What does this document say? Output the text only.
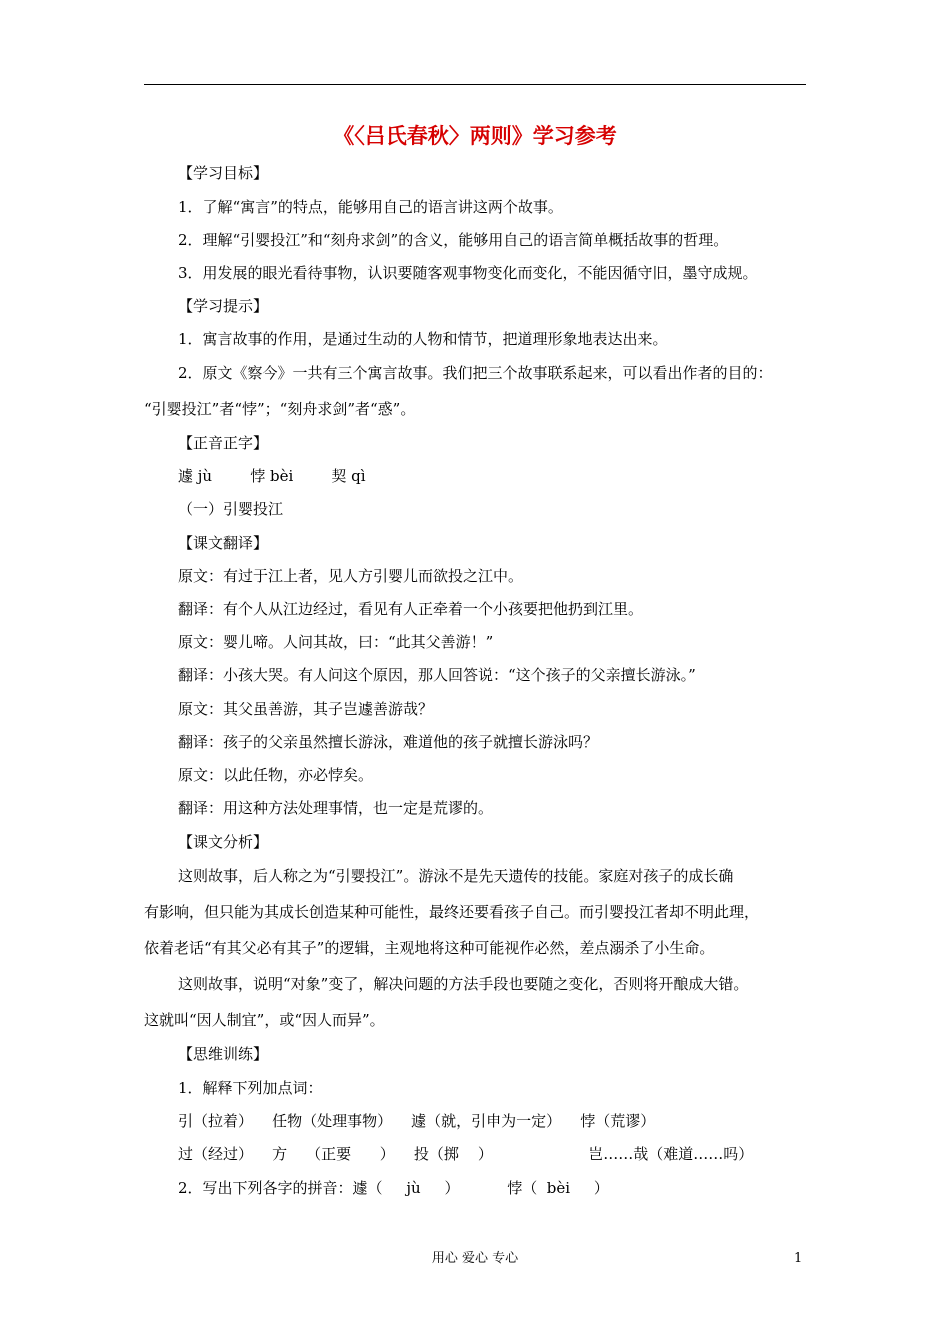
《〈吕氏春秋〉两则》学习参考
【学习目标】
1．了解“寓言”的特点，能够用自己的语言讲这两个故事。
2．理解“引婴投江”和“刻舟求剑”的含义，能够用自己的语言简单概括故事的哲理。
3．用发展的眼光看待事物，认识要随客观事物变化而变化，不能因循守旧，墨守成规。
【学习提示】
1．寓言故事的作用，是通过生动的人物和情节，把道理形象地表达出来。
2．原文《察今》一共有三个寓言故事。我们把三个故事联系起来，可以看出作者的目的：
“引婴投江”者“悖”；“刻舟求剑”者“惑”。
【正音正字】
遽 jù        悖 bèi        契 qì
（一）引婴投江
【课文翻译】
原文：有过于江上者，见人方引婴儿而欲投之江中。
翻译：有个人从江边经过，看见有人正牵着一个小孩要把他扔到江里。
原文：婴儿啼。人问其故，曰：“此其父善游！”
翻译：小孩大哭。有人问这个原因，那人回答说：“这个孩子的父亲擅长游泳。”
原文：其父虽善游，其子岂遽善游哉？
翻译：孩子的父亲虽然擅长游泳，难道他的孩子就擅长游泳吗？
原文：以此任物，亦必悖矣。
翻译：用这种方法处理事情，也一定是荒谬的。
【课文分析】
这则故事，后人称之为“引婴投江”。游泳不是先天遗传的技能。家庭对孩子的成长确
有影响，但只能为其成长创造某种可能性，最终还要看孩子自己。而引婴投江者却不明此理，
依着老话“有其父必有其子”的逻辑，主观地将这种可能视作必然，差点溺杀了小生命。
这则故事，说明“对象”变了，解决问题的方法手段也要随之变化，否则将开酿成大错。
这就叫“因人制宜”，或“因人而异”。
【思维训练】
1．解释下列加点词：
引（拉着）    任物（处理事物）    遽（就，引申为一定）    悖（荒谬）
过（经过）    方    （正要      ）    投（掷    ）                    岂……哉（难道……吗）
2．写出下列各字的拼音：遽（     jù     ）          悖（  bèi     ）
用心 爱心 专心	1
